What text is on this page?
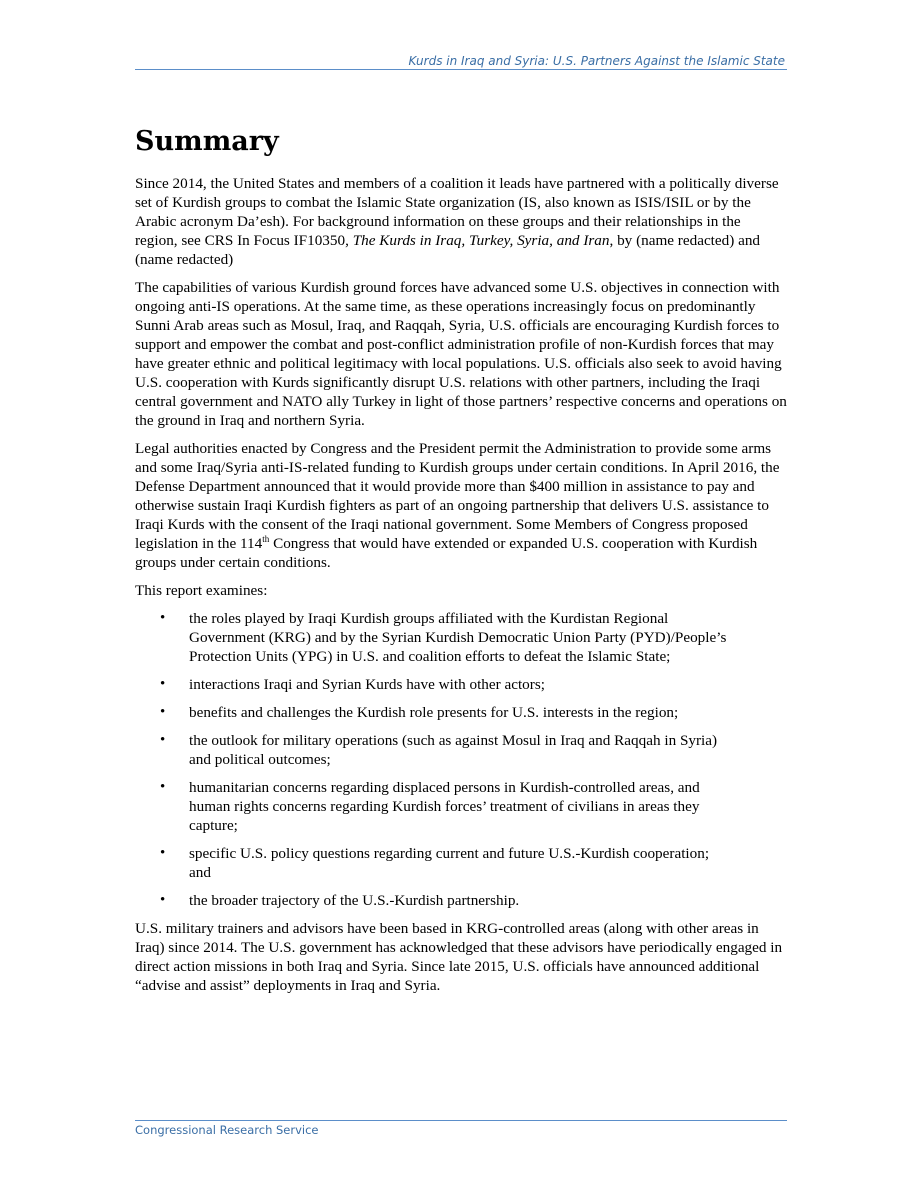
Kurds in Iraq and Syria: U.S. Partners Against the Islamic State
Summary

Since 2014, the United States and members of a coalition it leads have partnered with a politically diverse set of Kurdish groups to combat the Islamic State organization (IS, also known as ISIS/ISIL or by the Arabic acronym Da’esh). For background information on these groups and their relationships in the region, see CRS In Focus IF10350, The Kurds in Iraq, Turkey, Syria, and Iran, by (name redacted) and (name redacted)

The capabilities of various Kurdish ground forces have advanced some U.S. objectives in connection with ongoing anti-IS operations. At the same time, as these operations increasingly focus on predominantly Sunni Arab areas such as Mosul, Iraq, and Raqqah, Syria, U.S. officials are encouraging Kurdish forces to support and empower the combat and post-conflict administration profile of non-Kurdish forces that may have greater ethnic and political legitimacy with local populations. U.S. officials also seek to avoid having U.S. cooperation with Kurds significantly disrupt U.S. relations with other partners, including the Iraqi central government and NATO ally Turkey in light of those partners’ respective concerns and operations on the ground in Iraq and northern Syria.

Legal authorities enacted by Congress and the President permit the Administration to provide some arms and some Iraq/Syria anti-IS-related funding to Kurdish groups under certain conditions. In April 2016, the Defense Department announced that it would provide more than $400 million in assistance to pay and otherwise sustain Iraqi Kurdish fighters as part of an ongoing partnership that delivers U.S. assistance to Iraqi Kurds with the consent of the Iraqi national government. Some Members of Congress proposed legislation in the 114th Congress that would have extended or expanded U.S. cooperation with Kurdish groups under certain conditions.

This report examines:

• the roles played by Iraqi Kurdish groups affiliated with the Kurdistan Regional Government (KRG) and by the Syrian Kurdish Democratic Union Party (PYD)/People’s Protection Units (YPG) in U.S. and coalition efforts to defeat the Islamic State;
• interactions Iraqi and Syrian Kurds have with other actors;
• benefits and challenges the Kurdish role presents for U.S. interests in the region;
• the outlook for military operations (such as against Mosul in Iraq and Raqqah in Syria) and political outcomes;
• humanitarian concerns regarding displaced persons in Kurdish-controlled areas, and human rights concerns regarding Kurdish forces’ treatment of civilians in areas they capture;
• specific U.S. policy questions regarding current and future U.S.-Kurdish cooperation; and
• the broader trajectory of the U.S.-Kurdish partnership.

U.S. military trainers and advisors have been based in KRG-controlled areas (along with other areas in Iraq) since 2014. The U.S. government has acknowledged that these advisors have periodically engaged in direct action missions in both Iraq and Syria. Since late 2015, U.S. officials have announced additional “advise and assist” deployments in Iraq and Syria.

Congressional Research Service
